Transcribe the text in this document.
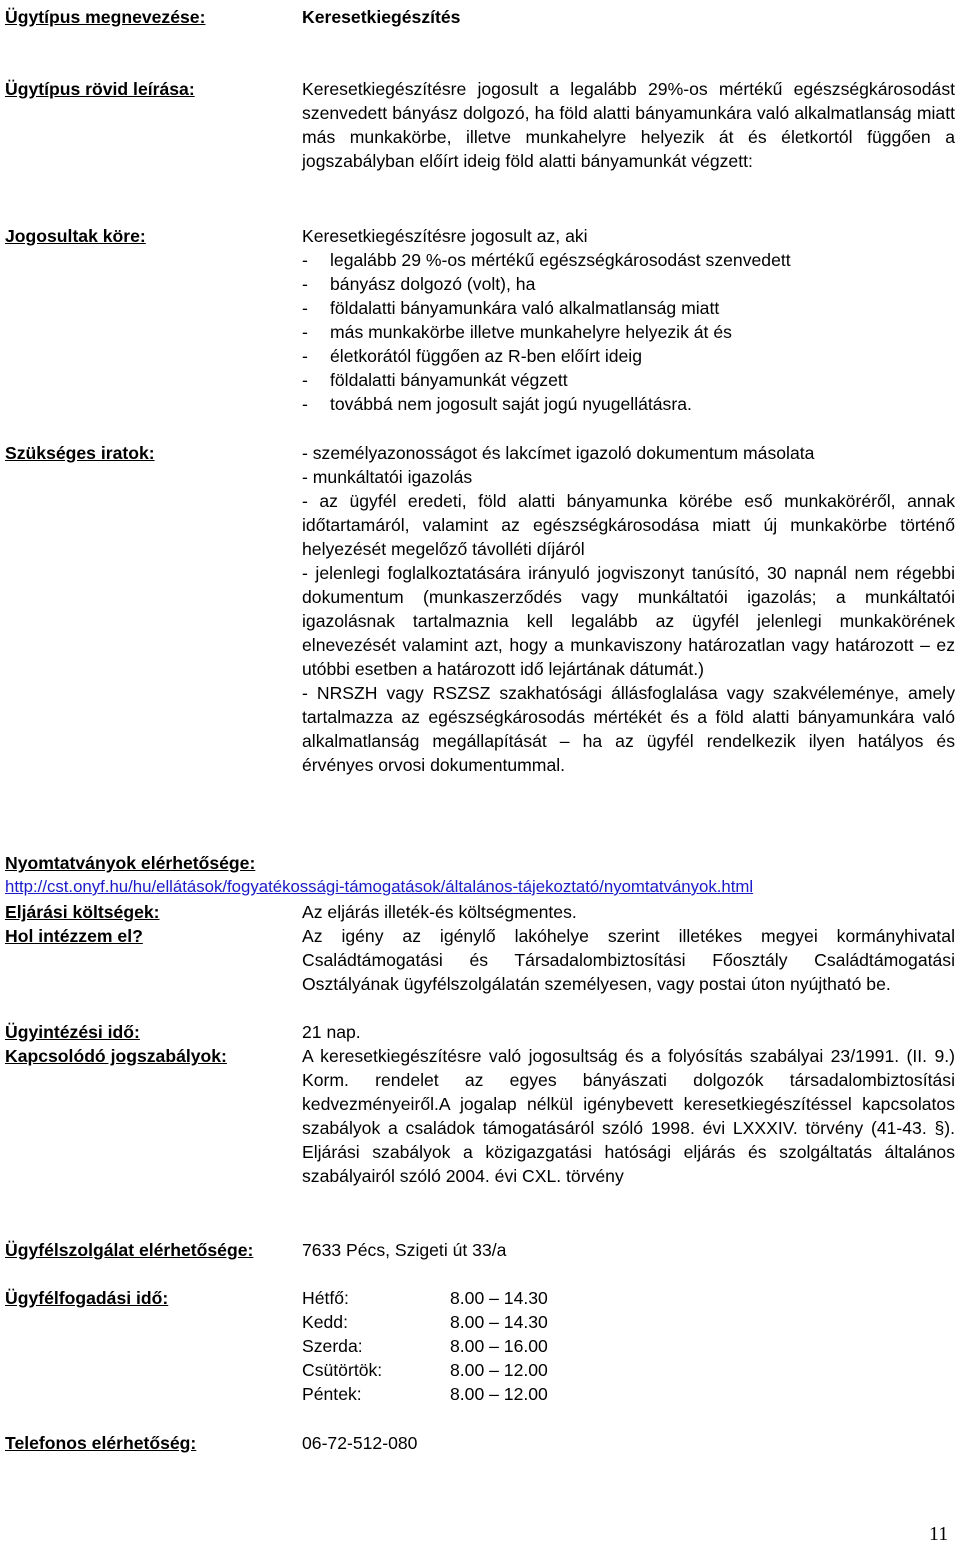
Ügytípus megnevezése:	Keresetkiegészítés
Ügytípus rövid leírása:	Keresetkiegészítésre jogosult a legalább 29%-os mértékű egészségkárosodást szenvedett bányász dolgozó, ha föld alatti bányamunkára való alkalmatlanság miatt más munkakörbe, illetve munkahelyre helyezik át és életkortól függően a jogszabályban előírt ideig föld alatti bányamunkát végzett:
Jogosultak köre:	Keresetkiegészítésre jogosult az, aki
- legalább 29 %-os mértékű egészségkárosodást szenvedett
- bányász dolgozó (volt), ha
- földalatti bányamunkára való alkalmatlanság miatt
- más munkakörbe illetve munkahelyre helyezik át és
- életkorától függően az R-ben előírt ideig
- földalatti bányamunkát végzett
- továbbá nem jogosult saját jogú nyugellátásra.
Szükséges iratok:	- személyazonosságot és lakcímet igazoló dokumentum másolata
- munkáltatói igazolás
- az ügyfél eredeti, föld alatti bányamunka körébe eső munkaköréről, annak időtartamáról, valamint az egészségkárosodása miatt új munkakörbe történő helyezését megelőző távolléti díjáról
- jelenlegi foglalkoztatására irányuló jogviszonyt tanúsító, 30 napnál nem régebbi dokumentum (munkaszerződés vagy munkáltatói igazolás; a munkáltatói igazolásnak tartalmaznia kell legalább az ügyfél jelenlegi munkakörének elnevezését valamint azt, hogy a munkaviszony határozatlan vagy határozott – ez utóbbi esetben a határozott idő lejártának dátumát.)
- NRSZH vagy RSZSZ szakhatósági állásfoglalása vagy szakvéleménye, amely tartalmazza az egészségkárosodás mértékét és a föld alatti bányamunkára való alkalmatlanság megállapítását – ha az ügyfél rendelkezik ilyen hatályos és érvényes orvosi dokumentummal.
Nyomtatványok elérhetősége:
http://cst.onyf.hu/hu/ellátások/fogyatékossági-támogatások/általános-tájekoztató/nyomtatványok.html
Eljárási költségek:	Az eljárás illeték-és költségmentes.
Hol intézzem el?	Az igény az igénylő lakóhelye szerint illetékes megyei kormányhivatal Családtámogatási és Társadalombiztosítási Főosztály Családtámogatási Osztályának ügyfélszolgálatán személyesen, vagy postai úton nyújtható be.
Ügyintézési idő:	21 nap.
Kapcsolódó jogszabályok:	A keresetkiegészítésre való jogosultság és a folyósítás szabályai 23/1991. (II. 9.) Korm. rendelet az egyes bányászati dolgozók társadalombiztosítási kedvezményeiről.A jogalap nélkül igénybevett keresetkiegészítéssel kapcsolatos szabályok a családok támogatásáról szóló 1998. évi LXXXIV. törvény (41-43. §). Eljárási szabályok a közigazgatási hatósági eljárás és szolgáltatás általános szabályairól szóló 2004. évi CXL. törvény
Ügyfélszolgálat elérhetősége:	7633 Pécs, Szigeti út 33/a
Ügyfélfogadási idő:	Hétfő:	8.00 – 14.30
Kedd:	8.00 – 14.30
Szerda:	8.00 – 16.00
Csütörtök:	8.00 – 12.00
Péntek:	8.00 – 12.00
Telefonos elérhetőség:	06-72-512-080
11
